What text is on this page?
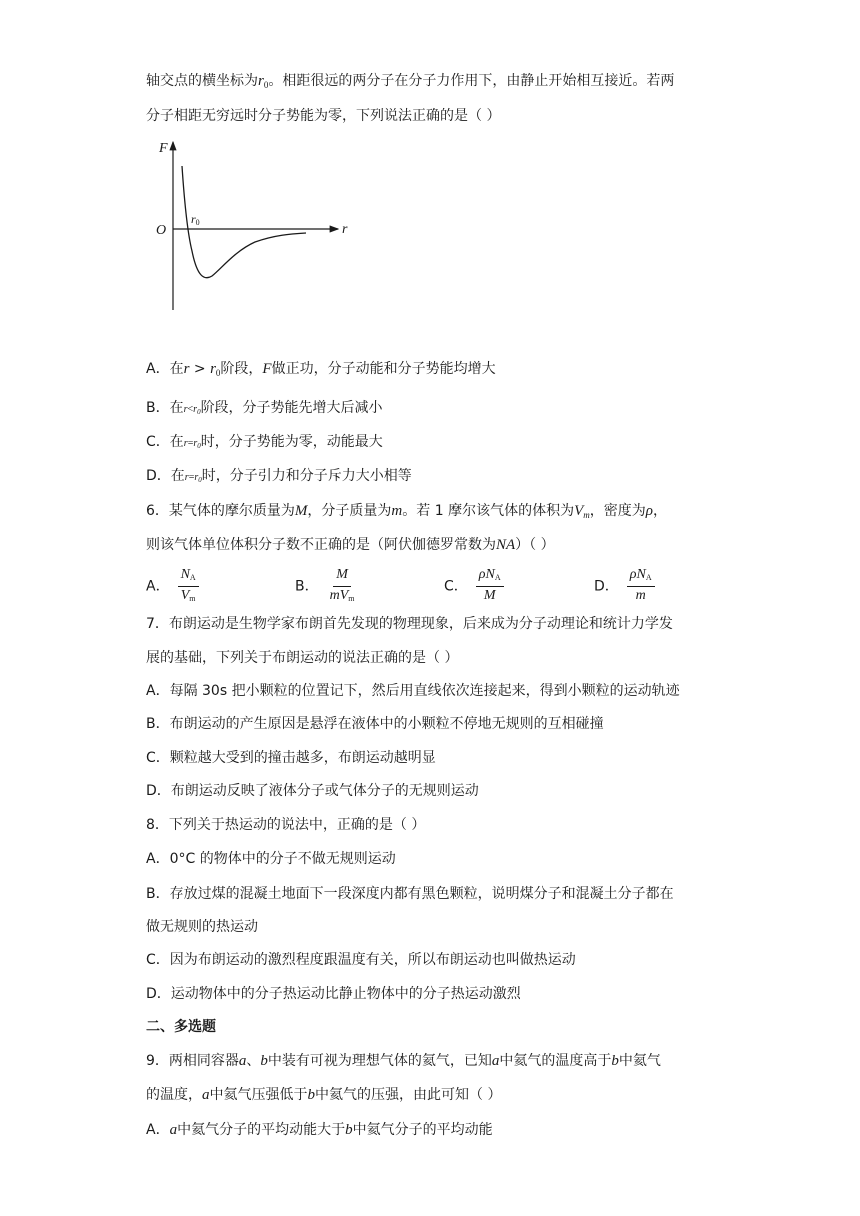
轴交点的横坐标为$r_0$。相距很远的两分子在分子力作用下，由静止开始相互接近。若两
分子相距无穷远时分子势能为零，下列说法正确的是（ ）
F
r
O
r0
A．在$r > r_0$阶段，F做正功，分子动能和分子势能均增大
B．在$r<r_0$阶段，分子势能先增大后减小
C．在$r=r_0$时，分子势能为零，动能最大
D．在$r=r_0$时，分子引力和分子斥力大小相等
6．某气体的摩尔质量为M，分子质量为m。若 1 摩尔该气体的体积为$V_m$，密度为ρ，
则该气体单位体积分子数不正确的是（阿伏伽德罗常数为NA）（ ）
A． $\frac{NA}{Vm}$	B． $\frac{M}{\text{mVm}}$	C． $\frac{\text{ρNA}}{M}$	D． $\frac{\text{ρNA}}{m}$
7．布朗运动是生物学家布朗首先发现的物理现象，后来成为分子动理论和统计力学发
展的基础，下列关于布朗运动的说法正确的是（ ）
A．每隔 30s 把小颗粒的位置记下，然后用直线依次连接起来，得到小颗粒的运动轨迹
B．布朗运动的产生原因是悬浮在液体中的小颗粒不停地无规则的互相碰撞
C．颗粒越大受到的撞击越多，布朗运动越明显
D．布朗运动反映了液体分子或气体分子的无规则运动
8．下列关于热运动的说法中，正确的是（ ）
A．0°C 的物体中的分子不做无规则运动
B．存放过煤的混凝土地面下一段深度内都有黑色颗粒，说明煤分子和混凝土分子都在
做无规则的热运动
C．因为布朗运动的激烈程度跟温度有关，所以布朗运动也叫做热运动
D．运动物体中的分子热运动比静止物体中的分子热运动激烈
二、多选题
9．两相同容器a、b中装有可视为理想气体的氦气，已知a中氦气的温度高于b中氦气
的温度，a中氦气压强低于b中氦气的压强，由此可知（ ）
A．a中氦气分子的平均动能大于b中氦气分子的平均动能
